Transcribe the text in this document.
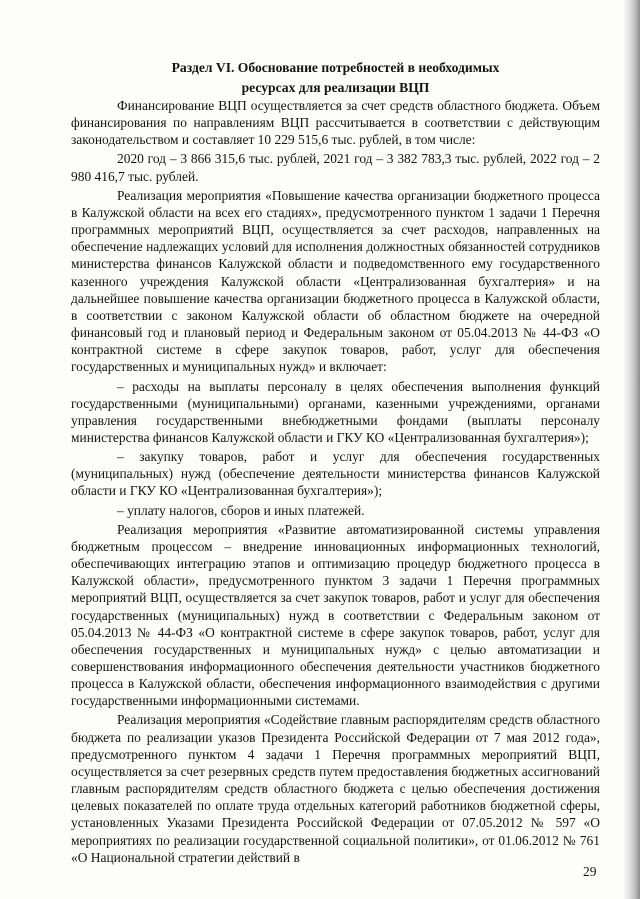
Раздел VI. Обоснование потребностей в необходимых
ресурсах для реализации ВЦП

Финансирование ВЦП осуществляется за счет средств областного бюджета. Объем финансирования по направлениям ВЦП рассчитывается в соответствии с действующим законодательством и составляет 10 229 515,6 тыс. рублей, в том числе:

2020 год – 3 866 315,6 тыс. рублей, 2021 год – 3 382 783,3 тыс. рублей, 2022 год – 2 980 416,7 тыс. рублей.

Реализация мероприятия «Повышение качества организации бюджетного процесса в Калужской области на всех его стадиях», предусмотренного пунктом 1 задачи 1 Перечня программных мероприятий ВЦП, осуществляется за счет расходов, направленных на обеспечение надлежащих условий для исполнения должностных обязанностей сотрудников министерства финансов Калужской области и подведомственного ему государственного казенного учреждения Калужской области «Централизованная бухгалтерия» и на дальнейшее повышение качества организации бюджетного процесса в Калужской области, в соответствии с законом Калужской области об областном бюджете на очередной финансовый год и плановый период и Федеральным законом от 05.04.2013 № 44-ФЗ «О контрактной системе в сфере закупок товаров, работ, услуг для обеспечения государственных и муниципальных нужд» и включает:

– расходы на выплаты персоналу в целях обеспечения выполнения функций государственными (муниципальными) органами, казенными учреждениями, органами управления государственными внебюджетными фондами (выплаты персоналу министерства финансов Калужской области и ГКУ КО «Централизованная бухгалтерия»);

– закупку товаров, работ и услуг для обеспечения государственных (муниципальных) нужд (обеспечение деятельности министерства финансов Калужской области и ГКУ КО «Централизованная бухгалтерия»);

– уплату налогов, сборов и иных платежей.

Реализация мероприятия «Развитие автоматизированной системы управления бюджетным процессом – внедрение инновационных информационных технологий, обеспечивающих интеграцию этапов и оптимизацию процедур бюджетного процесса в Калужской области», предусмотренного пунктом 3 задачи 1 Перечня программных мероприятий ВЦП, осуществляется за счет закупок товаров, работ и услуг для обеспечения государственных (муниципальных) нужд в соответствии с Федеральным законом от 05.04.2013 № 44-ФЗ «О контрактной системе в сфере закупок товаров, работ, услуг для обеспечения государственных и муниципальных нужд» с целью автоматизации и совершенствования информационного обеспечения деятельности участников бюджетного процесса в Калужской области, обеспечения информационного взаимодействия с другими государственными информационными системами.

Реализация мероприятия «Содействие главным распорядителям средств областного бюджета по реализации указов Президента Российской Федерации от 7 мая 2012 года», предусмотренного пунктом 4 задачи 1 Перечня программных мероприятий ВЦП, осуществляется за счет резервных средств путем предоставления бюджетных ассигнований главным распорядителям средств областного бюджета с целью обеспечения достижения целевых показателей по оплате труда отдельных категорий работников бюджетной сферы, установленных Указами Президента Российской Федерации от 07.05.2012 № 597 «О мероприятиях по реализации государственной социальной политики», от 01.06.2012 № 761 «О Национальной стратегии действий в

29
